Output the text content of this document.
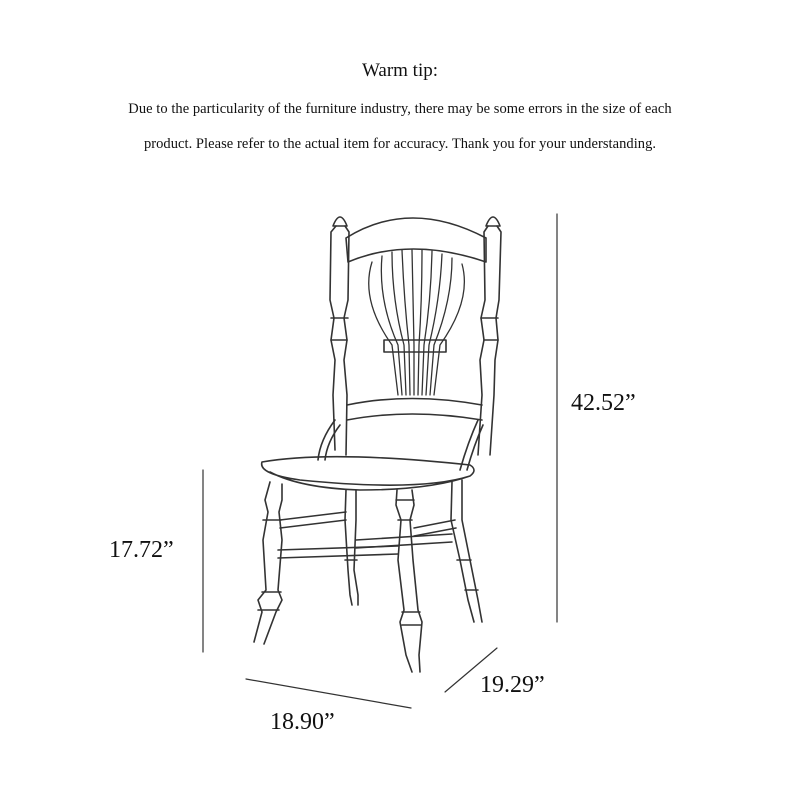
Warm tip:
Due to the particularity of the furniture industry, there may be some errors in the size of each
product. Please refer to the actual item for accuracy. Thank you for your understanding.
42.52”
17.72”
18.90”
19.29”
